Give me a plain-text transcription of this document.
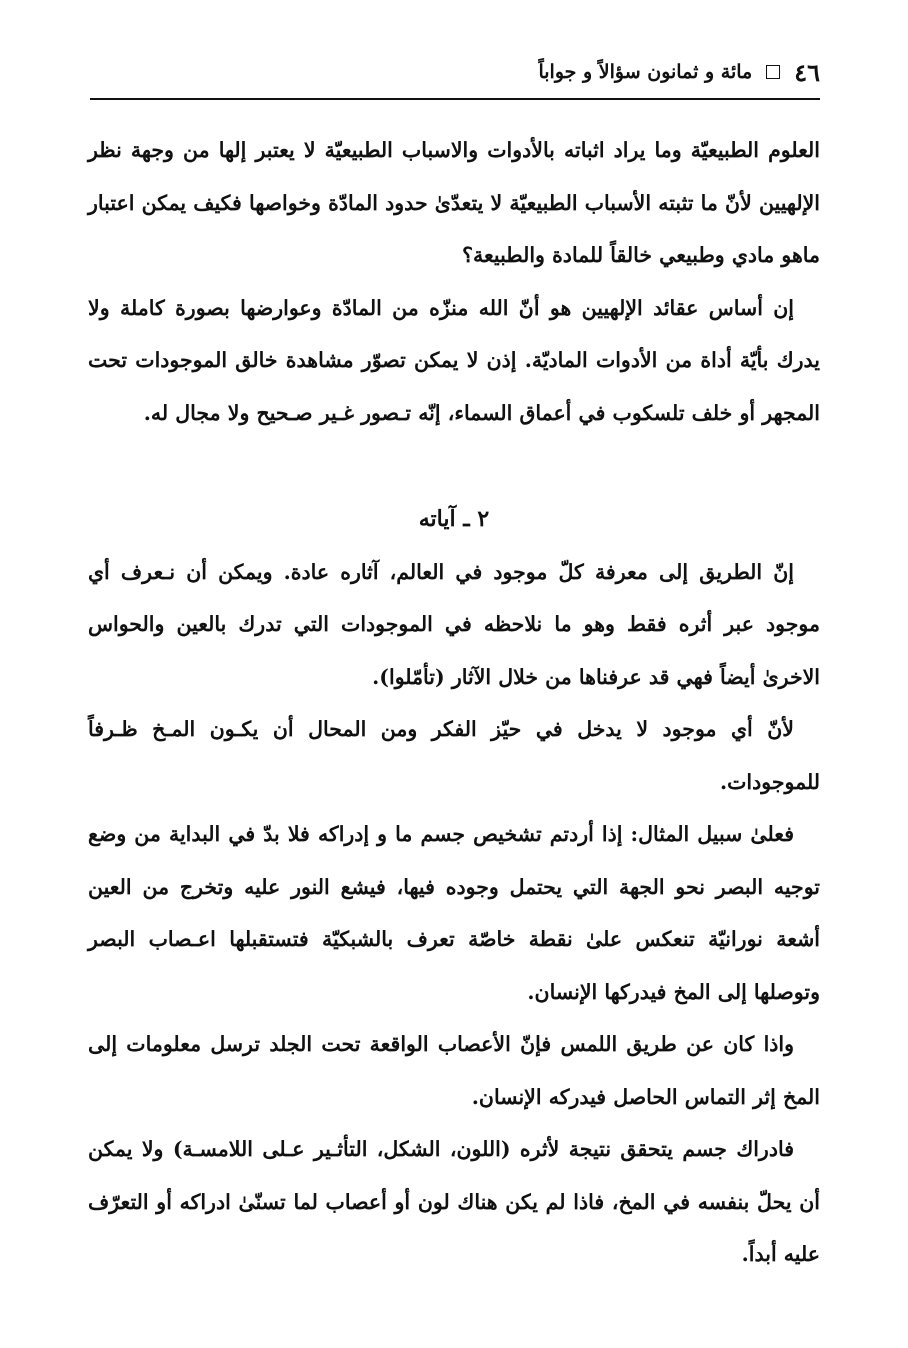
٤٦
مائة و ثمانون سؤالاً و جواباً

العلوم الطبيعيّة وما يراد اثباته بالأدوات والاسباب الطبيعيّة لا يعتبر إلها من وجهة نظر الإلهيين لأنّ ما تثبته الأسباب الطبيعيّة لا يتعدّىٰ حدود المادّة وخواصها فكيف يمكن اعتبار ماهو مادي وطبيعي خالقاً للمادة والطبيعة؟

إن أساس عقائد الإلهيين هو أنّ الله منزّه من المادّة وعوارضها بصورة كاملة ولا يدرك بأيّة أداة من الأدوات الماديّة. إذن لا يمكن تصوّر مشاهدة خالق الموجودات تحت المجهر أو خلف تلسكوب في أعماق السماء، إنّه تـصور غـير صـحيح ولا مجال له.

٢ ـ آياته

إنّ الطريق إلى معرفة كلّ موجود في العالم، آثاره عادة. ويمكن أن نـعرف أي موجود عبر أثره فقط وهو ما نلاحظه في الموجودات التي تدرك بالعين والحواس الاخرىٰ أيضاً فهي قد عرفناها من خلال الآثار (تأمّلوا).

لأنّ أي موجود لا يدخل في حيّز الفكر ومن المحال أن يكـون المـخ ظـرفاً للموجودات.

فعلىٰ سبيل المثال: إذا أردتم تشخيص جسم ما و إدراكه فلا بدّ في البداية من وضع توجيه البصر نحو الجهة التي يحتمل وجوده فيها، فيشع النور عليه وتخرج من العين أشعة نورانيّة تنعكس علىٰ نقطة خاصّة تعرف بالشبكيّة فتستقبلها اعـصاب البصر وتوصلها إلى المخ فيدركها الإنسان.

واذا كان عن طريق اللمس فإنّ الأعصاب الواقعة تحت الجلد ترسل معلومات إلى المخ إثر التماس الحاصل فيدركه الإنسان.

فادراك جسم يتحقق نتيجة لأثره (اللون، الشكل، التأثـير عـلى اللامسـة) ولا يمكن أن يحلّ بنفسه في المخ، فاذا لم يكن هناك لون أو أعصاب لما تسنّىٰ ادراكه أو التعرّف عليه أبداً.
